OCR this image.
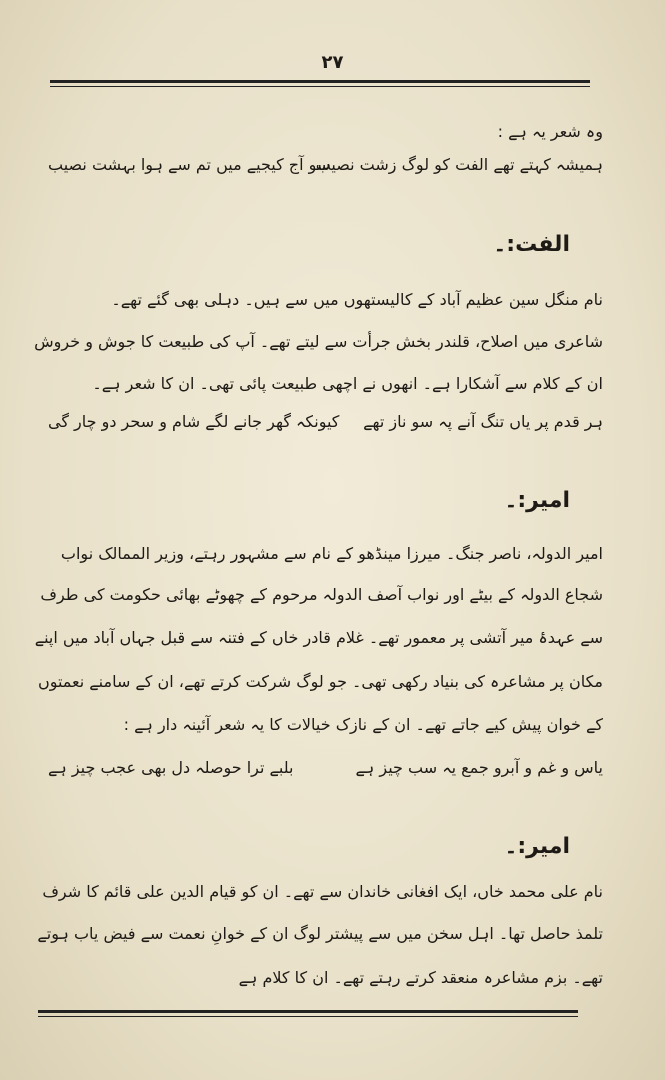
۲۷
وہ شعر یہ ہے :
ہمیشہ کہتے تھے الفت کو لوگ زشت نصیب
سو آج کیجیے میں تم سے ہوا بہشت نصیب
الفت:۔
نام منگل سین عظیم آباد کے کالیستھوں میں سے ہیں۔ دہلی بھی گئے تھے۔
شاعری میں اصلاح، قلندر بخش جرأت سے لیتے تھے۔ آپ کی طبیعت کا جوش و خروش
ان کے کلام سے آشکارا ہے۔ انھوں نے اچھی طبیعت پائی تھی۔ ان کا شعر ہے۔
ہر قدم پر یاں تنگ آنے پہ سو ناز تھے
کیونکہ گھر جانے لگے شام و سحر دو چار گی
امیر:۔
امیر الدولہ، ناصر جنگ۔ میرزا مینڈھو کے نام سے مشہور رہتے، وزیر الممالک نواب
شجاع الدولہ کے بیٹے اور نواب آصف الدولہ مرحوم کے چھوٹے بھائی حکومت کی طرف
سے عہدۂ میر آتشی پر معمور تھے۔ غلام قادر خاں کے فتنہ سے قبل جہاں آباد میں اپنے
مکان پر مشاعرہ کی بنیاد رکھی تھی۔ جو لوگ شرکت کرتے تھے، ان کے سامنے نعمتوں
کے خوان پیش کیے جاتے تھے۔ ان کے نازک خیالات کا یہ شعر آئینہ دار ہے :
یاس و غم و آبرو جمع یہ سب چیز ہے
بلبے ترا حوصلہ دل بھی عجب چیز ہے
امیر:۔
نام علی محمد خاں، ایک افغانی خاندان سے تھے۔ ان کو قیام الدین علی قائم کا شرف
تلمذ حاصل تھا۔ اہل سخن میں سے پیشتر لوگ ان کے خوانِ نعمت سے فیض یاب ہوتے
تھے۔ بزم مشاعرہ منعقد کرتے رہتے تھے۔ ان کا کلام ہے
